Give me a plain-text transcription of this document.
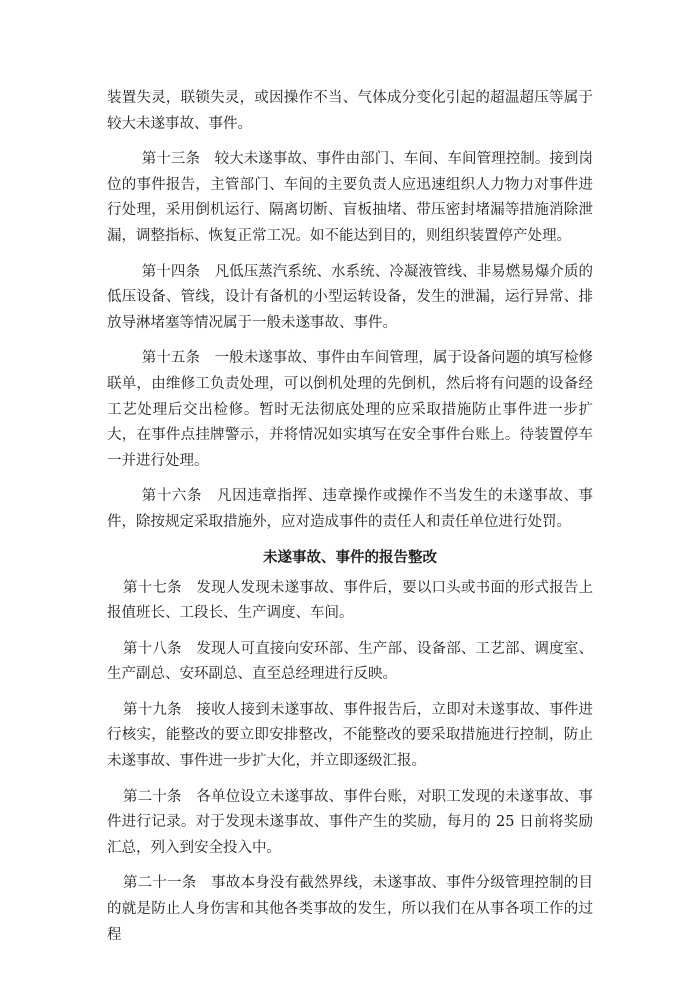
装置失灵，联锁失灵，或因操作不当、气体成分变化引起的超温超压等属于较大未遂事故、事件。

第十三条　较大未遂事故、事件由部门、车间、车间管理控制。接到岗位的事件报告，主管部门、车间的主要负责人应迅速组织人力物力对事件进行处理，采用倒机运行、隔离切断、盲板抽堵、带压密封堵漏等措施消除泄漏，调整指标、恢复正常工况。如不能达到目的，则组织装置停产处理。

第十四条　凡低压蒸汽系统、水系统、冷凝液管线、非易燃易爆介质的低压设备、管线，设计有备机的小型运转设备，发生的泄漏，运行异常、排放导淋堵塞等情况属于一般未遂事故、事件。

第十五条　一般未遂事故、事件由车间管理，属于设备问题的填写检修联单，由维修工负责处理，可以倒机处理的先倒机，然后将有问题的设备经工艺处理后交出检修。暂时无法彻底处理的应采取措施防止事件进一步扩大，在事件点挂牌警示，并将情况如实填写在安全事件台账上。待装置停车一并进行处理。

第十六条　凡因违章指挥、违章操作或操作不当发生的未遂事故、事件，除按规定采取措施外，应对造成事件的责任人和责任单位进行处罚。

未遂事故、事件的报告整改

第十七条　发现人发现未遂事故、事件后，要以口头或书面的形式报告上报值班长、工段长、生产调度、车间。

第十八条　发现人可直接向安环部、生产部、设备部、工艺部、调度室、生产副总、安环副总、直至总经理进行反映。

第十九条　接收人接到未遂事故、事件报告后，立即对未遂事故、事件进行核实，能整改的要立即安排整改，不能整改的要采取措施进行控制，防止未遂事故、事件进一步扩大化，并立即逐级汇报。

第二十条　各单位设立未遂事故、事件台账，对职工发现的未遂事故、事件进行记录。对于发现未遂事故、事件产生的奖励，每月的 25 日前将奖励汇总，列入到安全投入中。

第二十一条　事故本身没有截然界线，未遂事故、事件分级管理控制的目的就是防止人身伤害和其他各类事故的发生，所以我们在从事各项工作的过程
